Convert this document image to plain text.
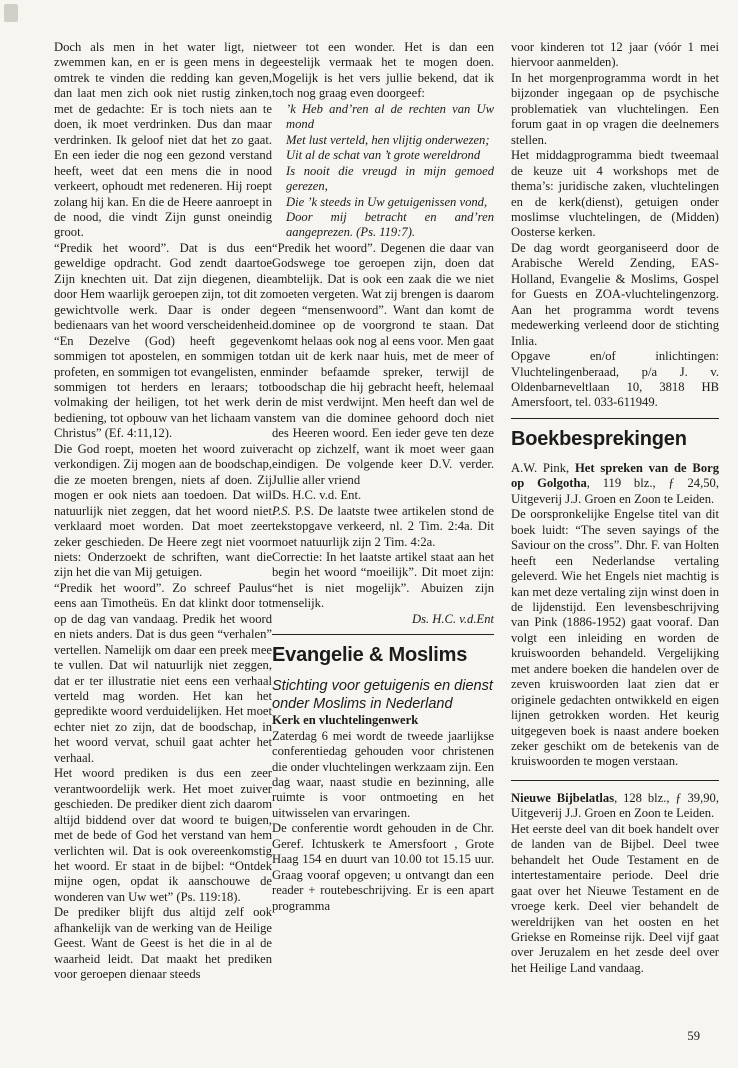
Doch als men in het water ligt, niet zwemmen kan, en er is geen mens in de omtrek te vinden die redding kan geven, dan laat men zich ook niet rustig zinken, met de gedachte: Er is toch niets aan te doen, ik moet verdrinken. Dus dan maar verdrinken. Ik geloof niet dat het zo gaat. En een ieder die nog een gezond verstand heeft, weet dat een mens die in nood verkeert, ophoudt met redeneren. Hij roept zolang hij kan. En die de Heere aanroept in de nood, die vindt Zijn gunst oneindig groot.

“Predik het woord”. Dat is dus een geweldige opdracht. God zendt daartoe Zijn knechten uit. Dat zijn diegenen, die door Hem waarlijk geroepen zijn, tot dit zo gewichtvolle werk. Daar is onder de bedienaars van het woord verscheidenheid. “En Dezelve (God) heeft gegeven sommigen tot apostelen, en sommigen tot profeten, en sommigen tot evangelisten, en sommigen tot herders en leraars; tot volmaking der heiligen, tot het werk der bediening, tot opbouw van het lichaam van Christus” (Ef. 4:11,12).

Die God roept, moeten het woord zuiver verkondigen. Zij mogen aan de boodschap, die ze moeten brengen, niets af doen. Zij mogen er ook niets aan toedoen. Dat wil natuurlijk niet zeggen, dat het woord niet verklaard moet worden. Dat moet zeer zeker geschieden. De Heere zegt niet voor niets: Onderzoekt de schriften, want die zijn het die van Mij getuigen.

“Predik het woord”. Zo schreef Paulus eens aan Timotheüs. En dat klinkt door tot op de dag van vandaag. Predik het woord en niets anders. Dat is dus geen “verhalen” vertellen. Namelijk om daar een preek mee te vullen. Dat wil natuurlijk niet zeggen, dat er ter illustratie niet eens een verhaal verteld mag worden. Het kan het gepredikte woord verduidelijken. Het moet echter niet zo zijn, dat de boodschap, in het woord vervat, schuil gaat achter het verhaal.

Het woord prediken is dus een zeer verantwoordelijk werk. Het moet zuiver geschieden. De prediker dient zich daarom altijd biddend over dat woord te buigen, met de bede of God het verstand van hem verlichten wil. Dat is ook overeenkomstig het woord. Er staat in de bijbel: “Ontdek mijne ogen, opdat ik aanschouwe de wonderen van Uw wet” (Ps. 119:18).

De prediker blijft dus altijd zelf ook afhankelijk van de werking van de Heilige Geest. Want de Geest is het die in al de waarheid leidt. Dat maakt het prediken voor geroepen dienaar steeds

weer tot een wonder. Het is dan een geestelijk vermaak het te mogen doen. Mogelijk is het vers jullie bekend, dat ik toch nog graag even doorgeef:

’k Heb and’ren al de rechten van Uw mond

Met lust verteld, hen vlijtig onderwezen;

Uit al de schat van ’t grote wereldrond

Is nooit die vreugd in mijn gemoed gerezen,

Die ’k steeds in Uw getuigenissen vond,

Door mij betracht en and’ren aangeprezen. (Ps. 119:7).

“Predik het woord”. Degenen die daar van Godswege toe geroepen zijn, doen dat ambtelijk. Dat is ook een zaak die we niet moeten vergeten. Wat zij brengen is daarom geen “mensenwoord”. Want dan komt de dominee op de voorgrond te staan. Dat komt helaas ook nog al eens voor. Men gaat dan uit de kerk naar huis, met de meer of minder befaamde spreker, terwijl de boodschap die hij gebracht heeft, helemaal in de mist verdwijnt. Men heeft dan wel de stem van die dominee gehoord doch niet des Heeren woord. Een ieder geve ten deze acht op zichzelf, want ik moet weer gaan eindigen. De volgende keer D.V. verder. Jullie aller vriend

Ds. H.C. v.d. Ent.

P.S. P.S. De laatste twee artikelen stond de tekstopgave verkeerd, nl. 2 Tim. 2:4a. Dit moet natuurlijk zijn 2 Tim. 4:2a.

Correctie: In het laatste artikel staat aan het begin het woord “moeilijk”. Dit moet zijn: “het is niet mogelijk”. Abuizen zijn menselijk.

Ds. H.C. v.d.Ent

Evangelie & Moslims

Stichting voor getuigenis en dienst onder Moslims in Nederland

Kerk en vluchtelingenwerk

Zaterdag 6 mei wordt de tweede jaarlijkse conferentiedag gehouden voor christenen die onder vluchtelingen werkzaam zijn. Een dag waar, naast studie en bezinning, alle ruimte is voor ontmoeting en het uitwisselen van ervaringen.

De conferentie wordt gehouden in de Chr. Geref. Ichtuskerk te Amersfoort , Grote Haag 154 en duurt van 10.00 tot 15.15 uur. Graag vooraf opgeven; u ontvangt dan een reader + routebeschrijving. Er is een apart programma

voor kinderen tot 12 jaar (vóór 1 mei hiervoor aanmelden).

In het morgenprogramma wordt in het bijzonder ingegaan op de psychische problematiek van vluchtelingen. Een forum gaat in op vragen die deelnemers stellen.

Het middagprogramma biedt tweemaal de keuze uit 4 workshops met de thema’s: juridische zaken, vluchtelingen en de kerk(dienst), getuigen onder moslimse vluchtelingen, de (Midden) Oosterse kerken.

De dag wordt georganiseerd door de Arabische Wereld Zending, EAS-Holland, Evangelie & Moslims, Gospel for Guests en ZOA-vluchtelingenzorg. Aan het programma wordt tevens medewerking verleend door de stichting Inlia.

Opgave en/of inlichtingen: Vluchtelingenberaad, p/a J. v. Oldenbarneveltlaan 10, 3818 HB Amersfoort, tel. 033-611949.

Boekbesprekingen

A.W. Pink, Het spreken van de Borg op Golgotha, 119 blz., ƒ 24,50, Uitgeverij J.J. Groen en Zoon te Leiden.

De oorspronkelijke Engelse titel van dit boek luidt: “The seven sayings of the Saviour on the cross”. Dhr. F. van Holten heeft een Nederlandse vertaling geleverd. Wie het Engels niet machtig is kan met deze vertaling zijn winst doen in de lijdenstijd. Een levensbeschrijving van Pink (1886-1952) gaat vooraf. Dan volgt een inleiding en worden de kruiswoorden behandeld. Vergelijking met andere boeken die handelen over de zeven kruiswoorden laat zien dat er originele gedachten ontwikkeld en eigen lijnen getrokken worden. Het keurig uitgegeven boek is naast andere boeken zeker geschikt om de betekenis van de kruiswoorden te mogen verstaan.

Nieuwe Bijbelatlas, 128 blz., ƒ 39,90, Uitgeverij J.J. Groen en Zoon te Leiden.

Het eerste deel van dit boek handelt over de landen van de Bijbel. Deel twee behandelt het Oude Testament en de intertestamentaire periode. Deel drie gaat over het Nieuwe Testament en de vroege kerk. Deel vier behandelt de wereldrijken van het oosten en het Griekse en Romeinse rijk. Deel vijf gaat over Jeruzalem en het zesde deel over het Heilige Land vandaag.

59
